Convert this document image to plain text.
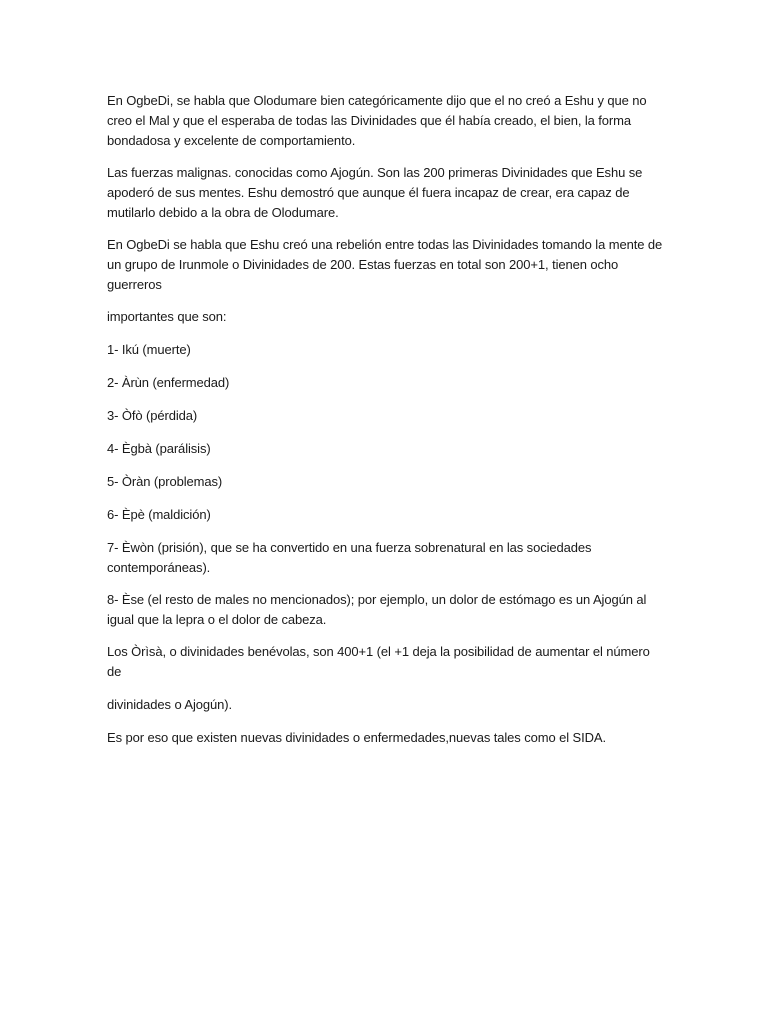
En OgbeDi, se habla que Olodumare bien categóricamente dijo que el no creó a Eshu y que no creo el Mal y que el esperaba de todas las Divinidades que él había creado, el bien, la forma bondadosa y excelente de comportamiento.

Las fuerzas malignas. conocidas como Ajogún. Son las 200 primeras Divinidades que Eshu se apoderó de sus mentes. Eshu demostró que aunque él fuera incapaz de crear, era capaz de mutilarlo debido a la obra de Olodumare.

En OgbeDi se habla que Eshu creó una rebelión entre todas las Divinidades tomando la mente de un grupo de Irunmole o Divinidades de 200. Estas fuerzas en total son 200+1, tienen ocho guerreros

importantes que son:

1- Ikú (muerte)

2- Àrùn (enfermedad)

3- Òfò (pérdida)

4- Ègbà (parálisis)

5- Òràn (problemas)

6- Èpè (maldición)

7- Èwòn (prisión), que se ha convertido en una fuerza sobrenatural en las sociedades contemporáneas).

8- Èse (el resto de males no mencionados); por ejemplo, un dolor de estómago es un Ajogún al igual que la lepra o el dolor de cabeza.

Los Òrìsà, o divinidades benévolas, son 400+1 (el +1 deja la posibilidad de aumentar el número de

divinidades o Ajogún).

Es por eso que existen nuevas divinidades o enfermedades,nuevas tales como el SIDA.
